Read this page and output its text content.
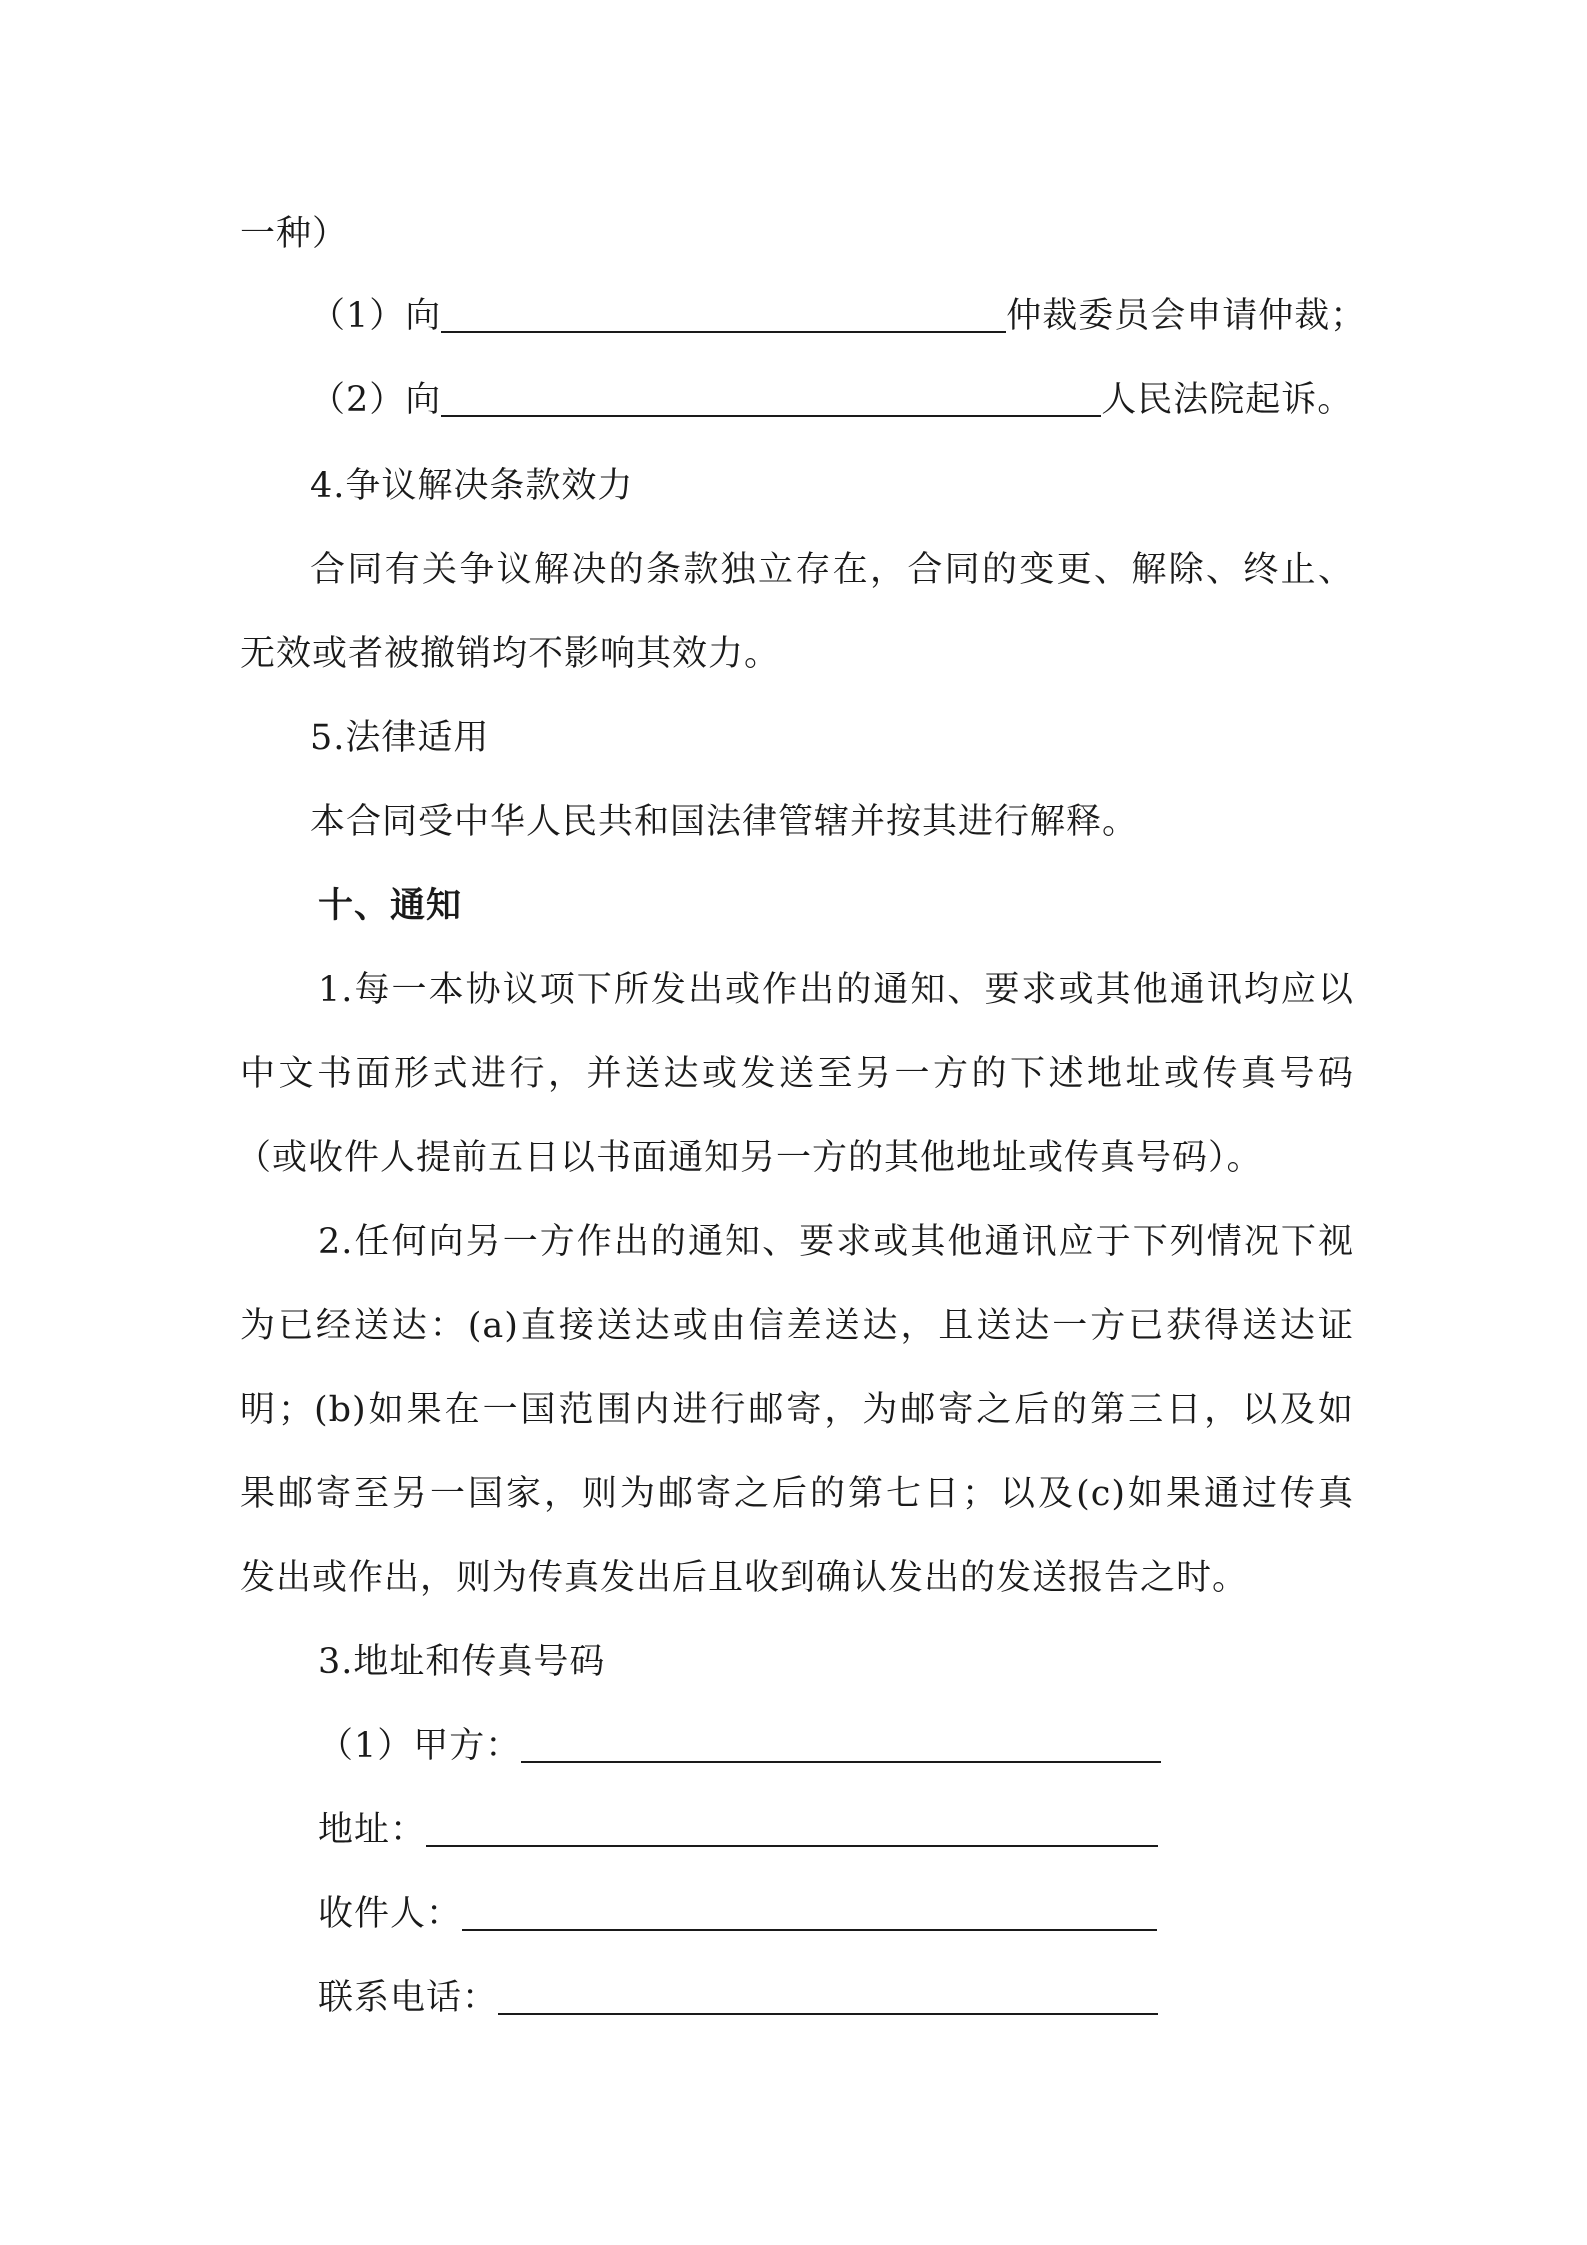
一种）
（1）向	仲裁委员会申请仲裁；
（2）向	人民法院起诉。
4.争议解决条款效力
合同有关争议解决的条款独立存在，合同的变更、解除、终止、
无效或者被撤销均不影响其效力。
5.法律适用
本合同受中华人民共和国法律管辖并按其进行解释。
十、通知
1.每一本协议项下所发出或作出的通知、要求或其他通讯均应以
中文书面形式进行，并送达或发送至另一方的下述地址或传真号码
（或收件人提前五日以书面通知另一方的其他地址或传真号码）。
2.任何向另一方作出的通知、要求或其他通讯应于下列情况下视
为已经送达：(a)直接送达或由信差送达，且送达一方已获得送达证
明；(b)如果在一国范围内进行邮寄，为邮寄之后的第三日，以及如
果邮寄至另一国家，则为邮寄之后的第七日；以及(c)如果通过传真
发出或作出，则为传真发出后且收到确认发出的发送报告之时。
3.地址和传真号码
（1）甲方：
地址：
收件人：
联系电话：
